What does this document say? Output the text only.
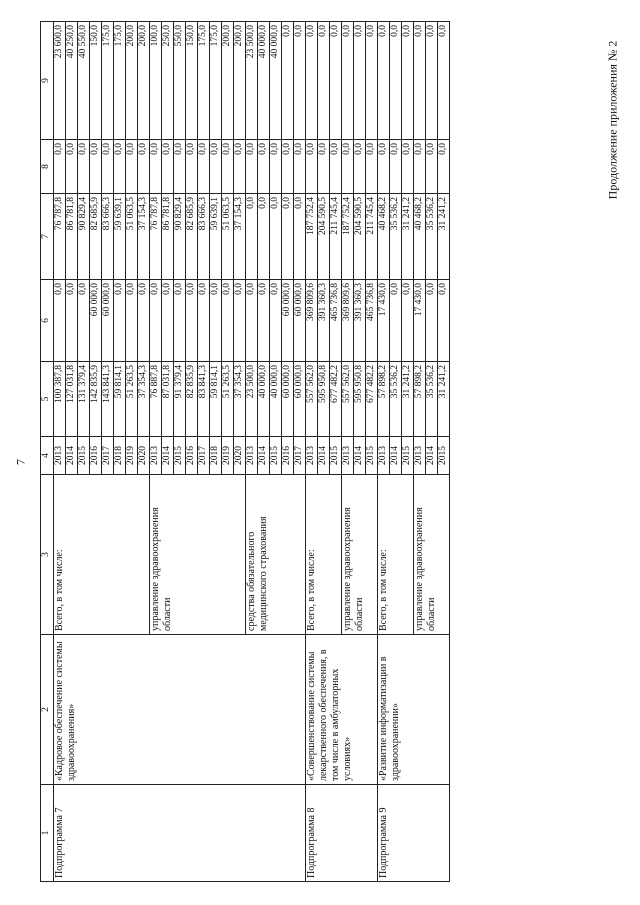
7
Продолжение приложения № 2
1	2	3	4	5	6	7	8	9
Подпрограмма 7	«Кадровое обеспечение системы здравоохранения»	Всего, в том числе:	2013	100 387,8	0,0	76 787,8	0,0	23 600,0
			2014	127 031,8	0,0	86 781,8	0,0	40 250,0
			2015	131 379,4	0,0	90 829,4	0,0	40 550,0
			2016	142 835,9	60 000,0	82 685,9	0,0	150,0
			2017	143 841,3	60 000,0	83 666,3	0,0	175,0
			2018	59 814,1	0,0	59 639,1	0,0	175,0
			2019	51 263,5	0,0	51 063,5	0,0	200,0
			2020	37 354,3	0,0	37 154,3	0,0	200,0
		управление здравоохранения области	2013	76 887,8	0,0	76 787,8	0,0	100,0
			2014	87 031,8	0,0	86 781,8	0,0	250,0
			2015	91 379,4	0,0	90 829,4	0,0	550,0
			2016	82 835,9	0,0	82 685,9	0,0	150,0
			2017	83 841,3	0,0	83 666,3	0,0	175,0
			2018	59 814,1	0,0	59 639,1	0,0	175,0
			2019	51 263,5	0,0	51 063,5	0,0	200,0
			2020	37 354,3	0,0	37 154,3	0,0	200,0
		средства обязательного медицинского страхования	2013	23 500,0	0,0	0,0	0,0	23 500,0
			2014	40 000,0	0,0	0,0	0,0	40 000,0
			2015	40 000,0	0,0	0,0	0,0	40 000,0
			2016	60 000,0	60 000,0	0,0	0,0	0,0
			2017	60 000,0	60 000,0	0,0	0,0	0,0
Подпрограмма 8	«Совершенствование системы лекарственного обеспечения, в том числе в амбулаторных условиях»	Всего, в том числе:	2013	557 562,0	369 809,6	187 752,4	0,0	0,0
			2014	595 950,8	391 360,3	204 590,5	0,0	0,0
			2015	677 482,2	465 736,8	211 745,4	0,0	0,0
		управление здравоохранения области	2013	557 562,0	369 809,6	187 752,4	0,0	0,0
			2014	595 950,8	391 360,3	204 590,5	0,0	0,0
			2015	677 482,2	465 736,8	211 745,4	0,0	0,0
Подпрограмма 9	«Развитие информатизации в здравоохранении»	Всего, в том числе:	2013	57 898,2	17 430,0	40 468,2	0,0	0,0
			2014	35 536,2	0,0	35 536,2	0,0	0,0
			2015	31 241,2	0,0	31 241,2	0,0	0,0
		управление здравоохранения области	2013	57 898,2	17 430,0	40 468,2	0,0	0,0
			2014	35 536,2	0,0	35 536,2	0,0	0,0
			2015	31 241,2	0,0	31 241,2	0,0	0,0
